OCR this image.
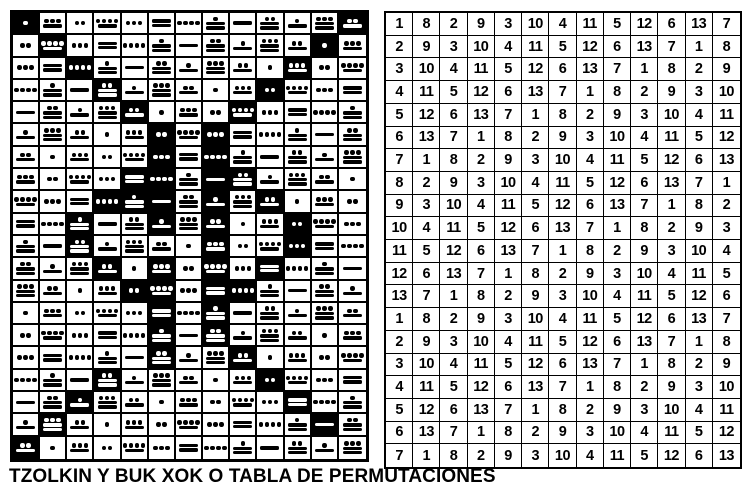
1	8	2	9	3	10	4	11	5	12	6	13	7
2	9	3	10	4	11	5	12	6	13	7	1	8
3	10	4	11	5	12	6	13	7	1	8	2	9
4	11	5	12	6	13	7	1	8	2	9	3	10
5	12	6	13	7	1	8	2	9	3	10	4	11
6	13	7	1	8	2	9	3	10	4	11	5	12
7	1	8	2	9	3	10	4	11	5	12	6	13
8	2	9	3	10	4	11	5	12	6	13	7	1
9	3	10	4	11	5	12	6	13	7	1	8	2
10	4	11	5	12	6	13	7	1	8	2	9	3
11	5	12	6	13	7	1	8	2	9	3	10	4
12	6	13	7	1	8	2	9	3	10	4	11	5
13	7	1	8	2	9	3	10	4	11	5	12	6
1	8	2	9	3	10	4	11	5	12	6	13	7
2	9	3	10	4	11	5	12	6	13	7	1	8
3	10	4	11	5	12	6	13	7	1	8	2	9
4	11	5	12	6	13	7	1	8	2	9	3	10
5	12	6	13	7	1	8	2	9	3	10	4	11
6	13	7	1	8	2	9	3	10	4	11	5	12
7	1	8	2	9	3	10	4	11	5	12	6	13
TZOLKIN Y BUK XOK O TABLA DE PERMUTACIONES
